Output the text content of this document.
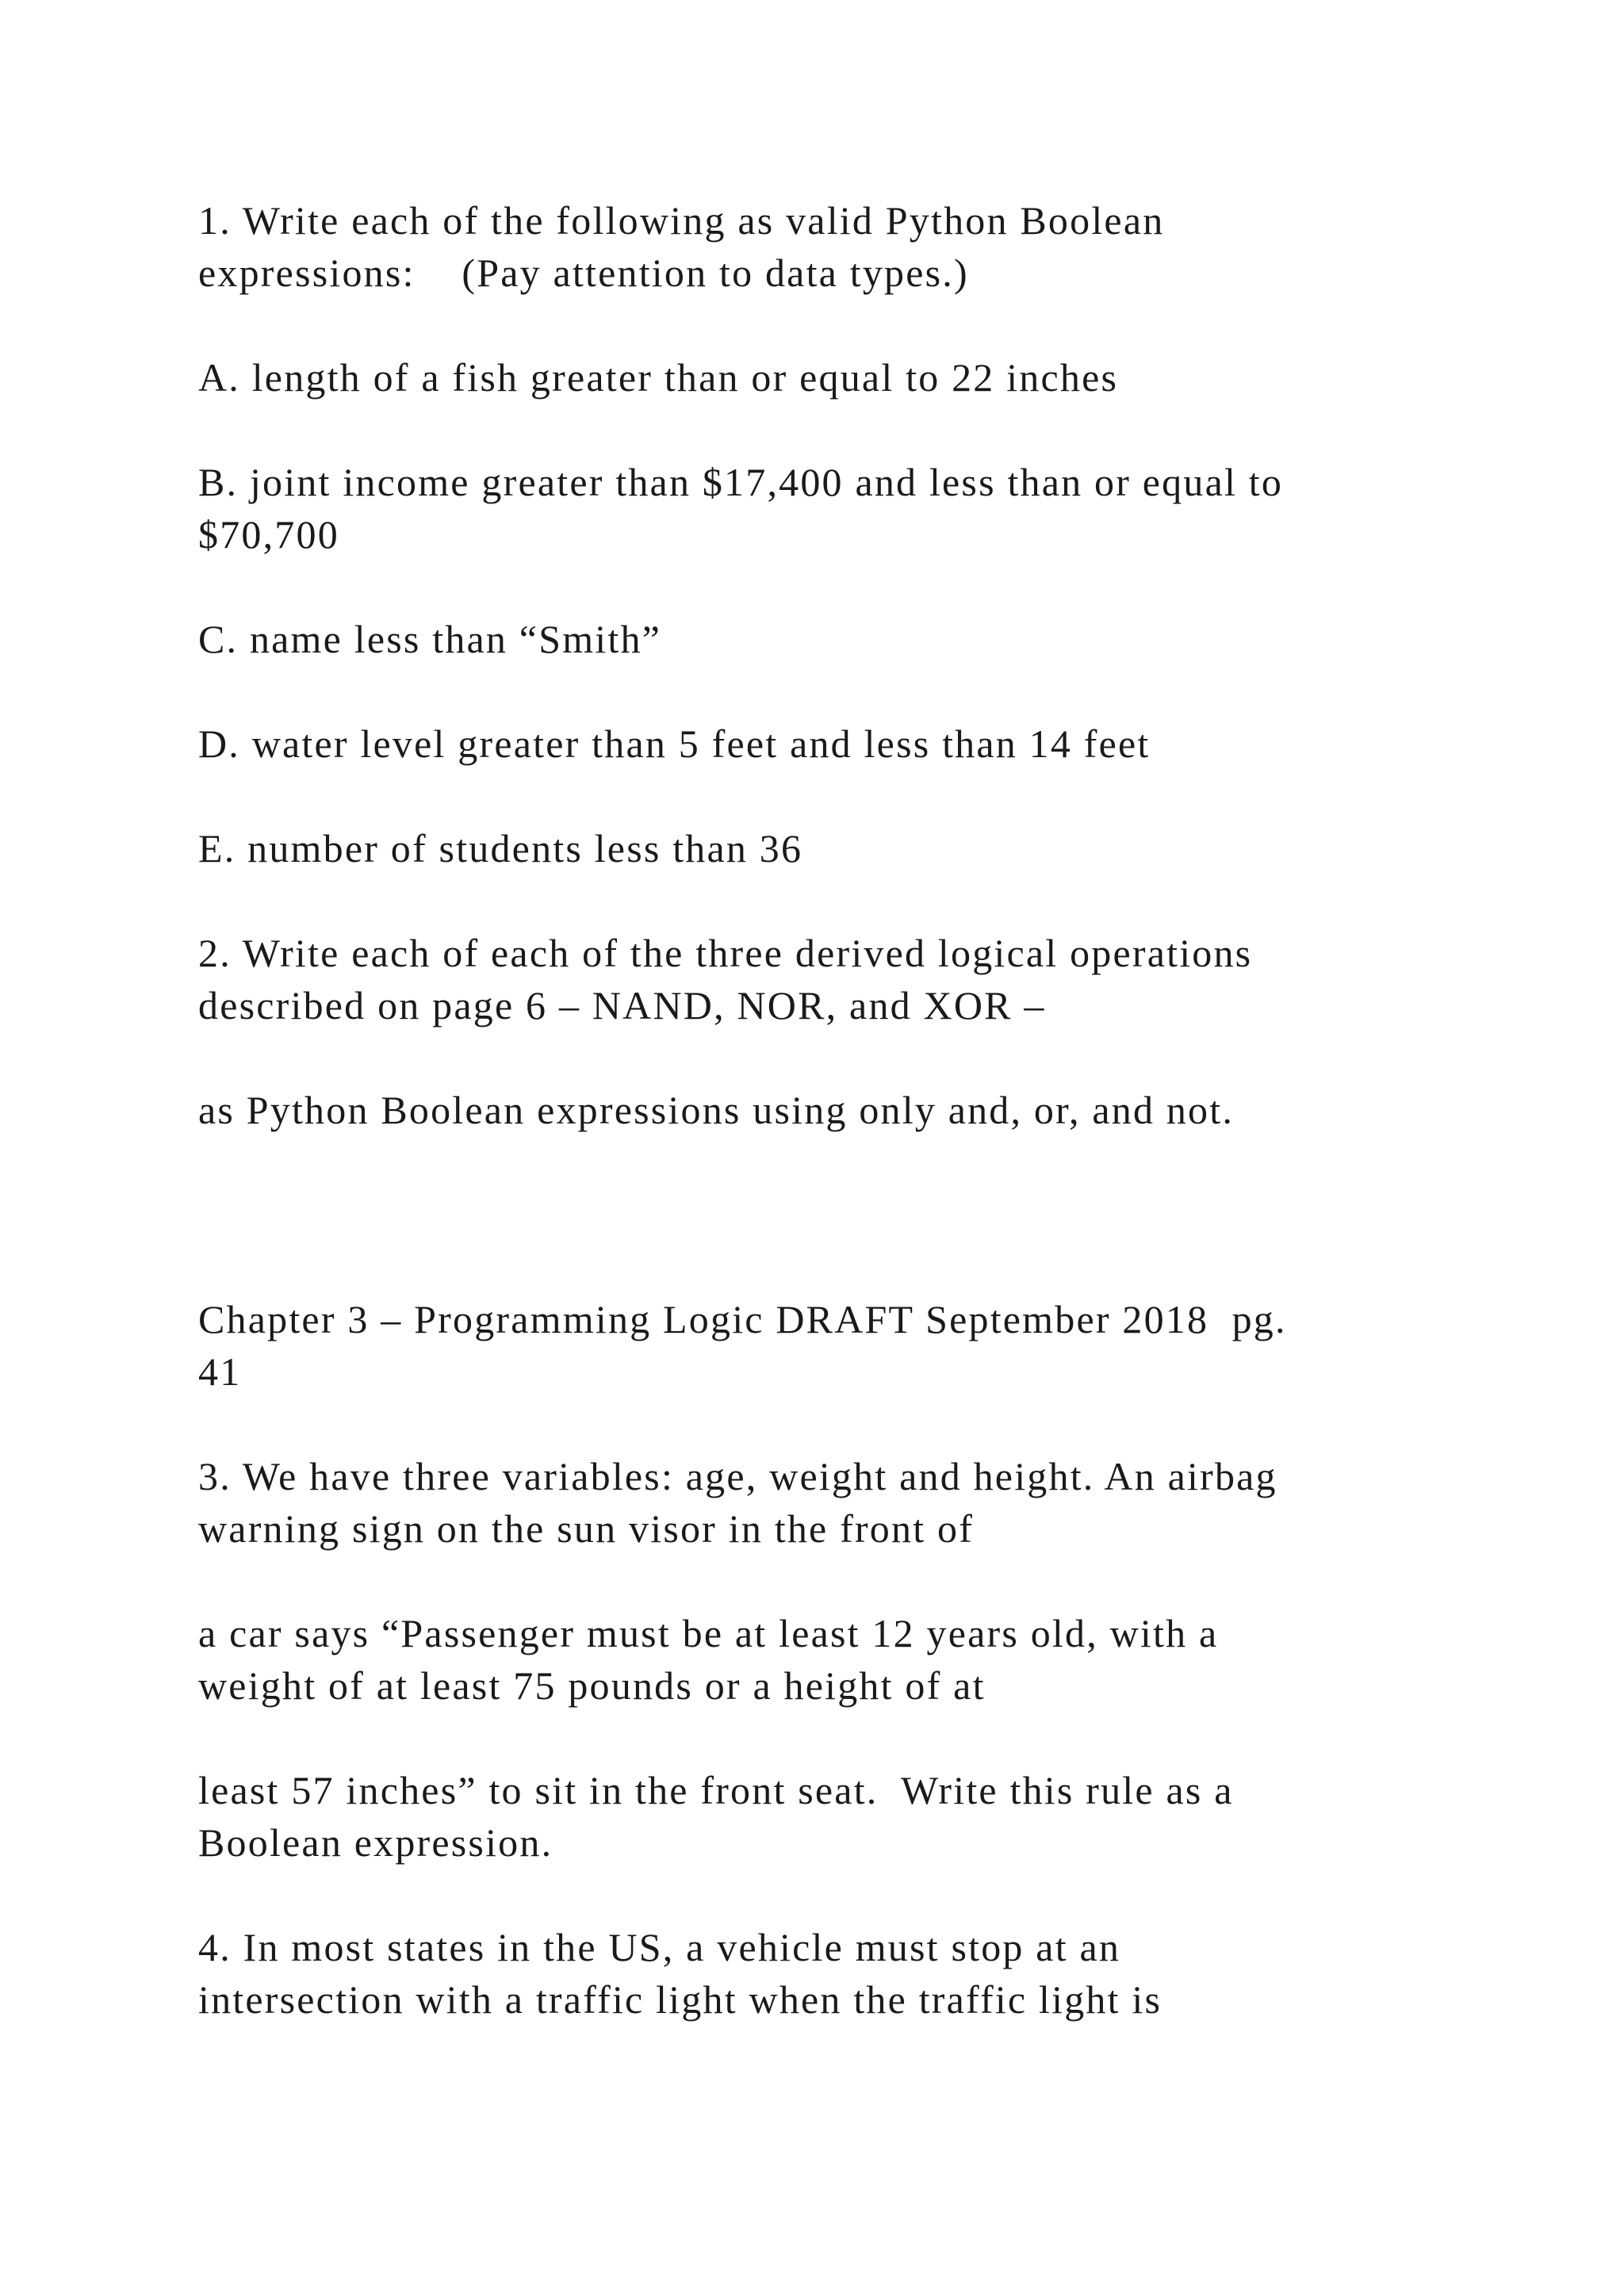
1. Write each of the following as valid Python Boolean
expressions:    (Pay attention to data types.)

A. length of a fish greater than or equal to 22 inches

B. joint income greater than $17,400 and less than or equal to
$70,700

C. name less than “Smith”

D. water level greater than 5 feet and less than 14 feet

E. number of students less than 36

2. Write each of each of the three derived logical operations
described on page 6 – NAND, NOR, and XOR –

as Python Boolean expressions using only and, or, and not.

Chapter 3 – Programming Logic DRAFT September 2018  pg.
41

3. We have three variables: age, weight and height. An airbag
warning sign on the sun visor in the front of

a car says “Passenger must be at least 12 years old, with a
weight of at least 75 pounds or a height of at

least 57 inches” to sit in the front seat.  Write this rule as a
Boolean expression.

4. In most states in the US, a vehicle must stop at an
intersection with a traffic light when the traffic light is
